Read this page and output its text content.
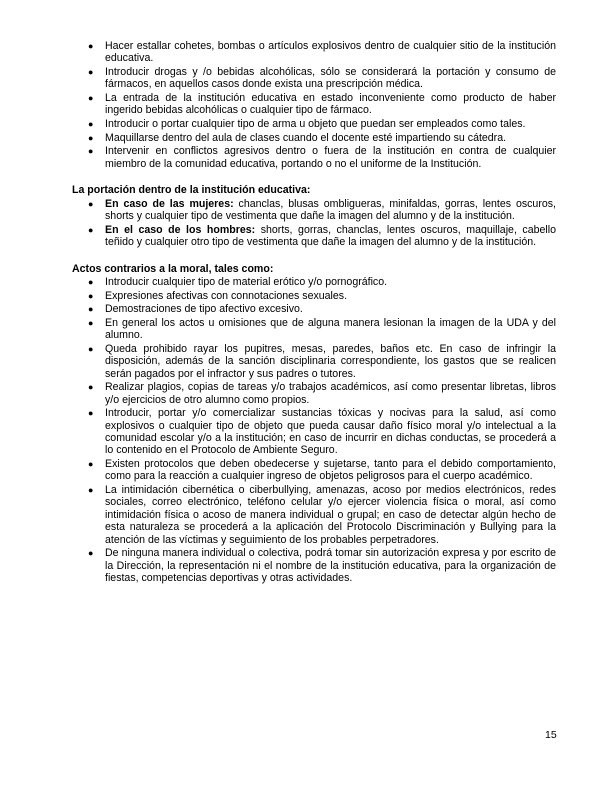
● Hacer estallar cohetes, bombas o artículos explosivos dentro de cualquier sitio de la institución educativa.
● Introducir drogas y /o bebidas alcohólicas, sólo se considerará la portación y consumo de fármacos, en aquellos casos donde exista una prescripción médica.
● La entrada de la institución educativa en estado inconveniente como producto de haber ingerido bebidas alcohólicas o cualquier tipo de fármaco.
● Introducir o portar cualquier tipo de arma u objeto que puedan ser empleados como tales.
● Maquillarse dentro del aula de clases cuando el docente esté impartiendo su cátedra.
● Intervenir en conflictos agresivos dentro o fuera de la institución en contra de cualquier miembro de la comunidad educativa, portando o no el uniforme de la Institución.
La portación dentro de la institución educativa:
● En caso de las mujeres: chanclas, blusas ombligueras, minifaldas, gorras, lentes oscuros, shorts y cualquier tipo de vestimenta que dañe la imagen del alumno y de la institución.
● En el caso de los hombres: shorts, gorras, chanclas, lentes oscuros, maquillaje, cabello teñido y cualquier otro tipo de vestimenta que dañe la imagen del alumno y de la institución.
Actos contrarios a la moral, tales como:
● Introducir cualquier tipo de material erótico y/o pornográfico.
● Expresiones afectivas con connotaciones sexuales.
● Demostraciones de tipo afectivo excesivo.
● En general los actos u omisiones que de alguna manera lesionan la imagen de la UDA y del alumno.
● Queda prohibido rayar los pupitres, mesas, paredes, baños etc. En caso de infringir la disposición, además de la sanción disciplinaria correspondiente, los gastos que se realicen serán pagados por el infractor y sus padres o tutores.
● Realizar plagios, copias de tareas y/o trabajos académicos, así como presentar libretas, libros y/o ejercicios de otro alumno como propios.
● Introducir, portar y/o comercializar sustancias tóxicas y nocivas para la salud, así como explosivos o cualquier tipo de objeto que pueda causar daño físico moral y/o intelectual a la comunidad escolar y/o a la institución; en caso de incurrir en dichas conductas, se procederá a lo contenido en el Protocolo de Ambiente Seguro.
● Existen protocolos que deben obedecerse y sujetarse, tanto para el debido comportamiento, como para la reacción a cualquier ingreso de objetos peligrosos para el cuerpo académico.
● La intimidación cibernética o ciberbullying, amenazas, acoso por medios electrónicos, redes sociales, correo electrónico, teléfono celular y/o ejercer violencia física o moral, así como intimidación física o acoso de manera individual o grupal; en caso de detectar algún hecho de esta naturaleza se procederá a la aplicación del Protocolo Discriminación y Bullying para la atención de las víctimas y seguimiento de los probables perpetradores.
● De ninguna manera individual o colectiva, podrá tomar sin autorización expresa y por escrito de la Dirección, la representación ni el nombre de la institución educativa, para la organización de fiestas, competencias deportivas y otras actividades.
15
